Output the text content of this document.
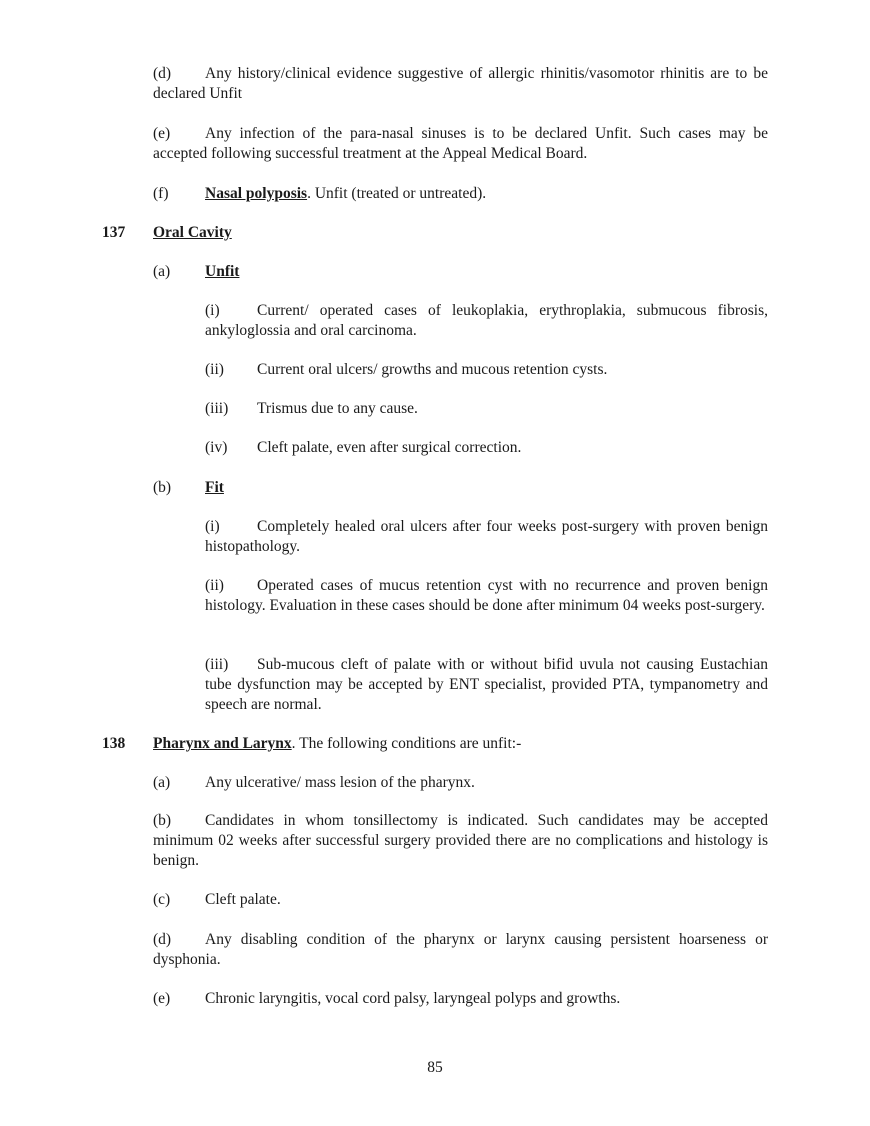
(d) Any history/clinical evidence suggestive of allergic rhinitis/vasomotor rhinitis are to be declared Unfit
(e) Any infection of the para-nasal sinuses is to be declared Unfit. Such cases may be accepted following successful treatment at the Appeal Medical Board.
(f) Nasal polyposis. Unfit (treated or untreated).
137 Oral Cavity
(a) Unfit
(i) Current/ operated cases of leukoplakia, erythroplakia, submucous fibrosis, ankyloglossia and oral carcinoma.
(ii) Current oral ulcers/ growths and mucous retention cysts.
(iii) Trismus due to any cause.
(iv) Cleft palate, even after surgical correction.
(b) Fit
(i) Completely healed oral ulcers after four weeks post-surgery with proven benign histopathology.
(ii) Operated cases of mucus retention cyst with no recurrence and proven benign histology. Evaluation in these cases should be done after minimum 04 weeks post-surgery.
(iii) Sub-mucous cleft of palate with or without bifid uvula not causing Eustachian tube dysfunction may be accepted by ENT specialist, provided PTA, tympanometry and speech are normal.
138 Pharynx and Larynx. The following conditions are unfit:-
(a) Any ulcerative/ mass lesion of the pharynx.
(b) Candidates in whom tonsillectomy is indicated. Such candidates may be accepted minimum 02 weeks after successful surgery provided there are no complications and histology is benign.
(c) Cleft palate.
(d) Any disabling condition of the pharynx or larynx causing persistent hoarseness or dysphonia.
(e) Chronic laryngitis, vocal cord palsy, laryngeal polyps and growths.
85
